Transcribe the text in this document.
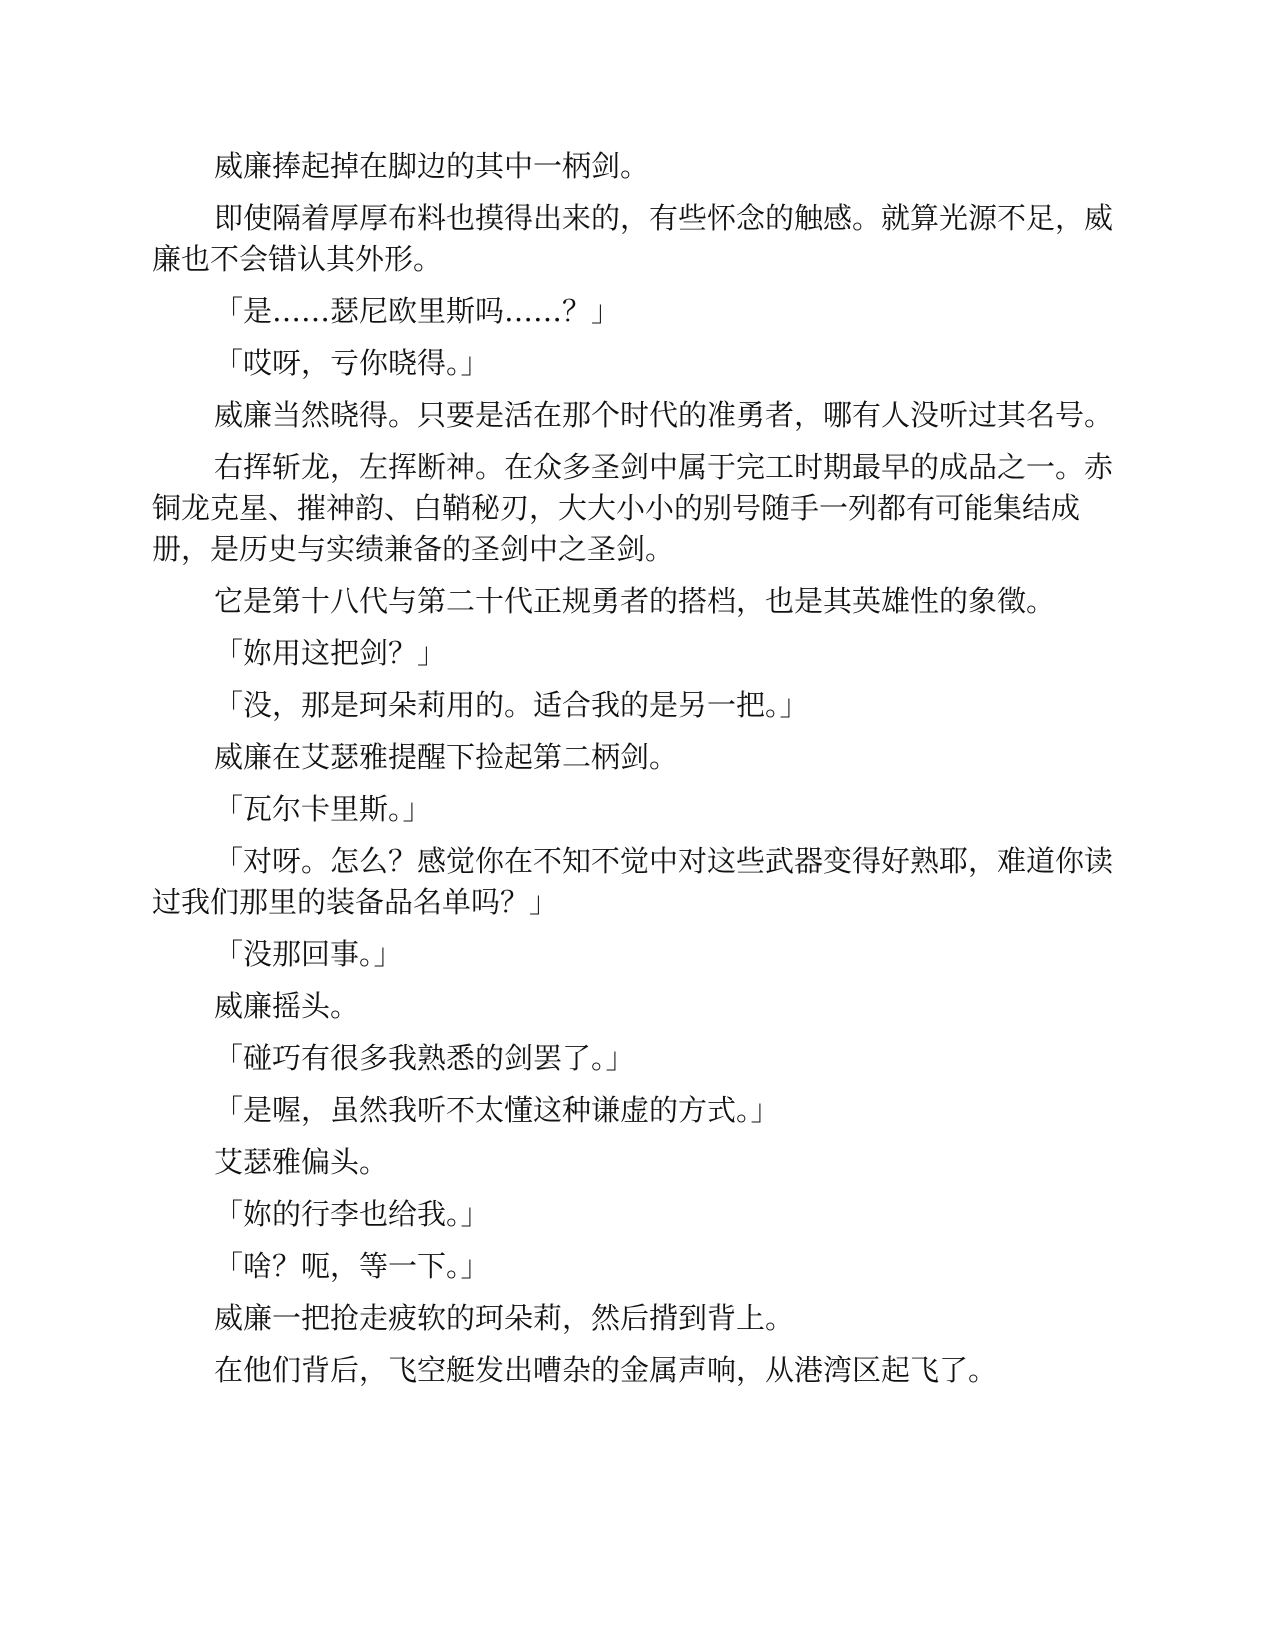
威廉捧起掉在脚边的其中一柄剑。

即使隔着厚厚布料也摸得出来的，有些怀念的触感。就算光源不足，威廉也不会错认其外形。

「是……瑟尼欧里斯吗……？」

「哎呀，亏你晓得。」

威廉当然晓得。只要是活在那个时代的准勇者，哪有人没听过其名号。

右挥斩龙，左挥断神。在众多圣剑中属于完工时期最早的成品之一。赤铜龙克星、摧神韵、白鞘秘刃，大大小小的别号随手一列都有可能集结成册，是历史与实绩兼备的圣剑中之圣剑。

它是第十八代与第二十代正规勇者的搭档，也是其英雄性的象徵。

「妳用这把剑？」

「没，那是珂朵莉用的。适合我的是另一把。」

威廉在艾瑟雅提醒下捡起第二柄剑。

「瓦尔卡里斯。」

「对呀。怎么？感觉你在不知不觉中对这些武器变得好熟耶，难道你读过我们那里的装备品名单吗？」

「没那回事。」

威廉摇头。

「碰巧有很多我熟悉的剑罢了。」

「是喔，虽然我听不太懂这种谦虚的方式。」

艾瑟雅偏头。

「妳的行李也给我。」

「啥？呃，等一下。」

威廉一把抢走疲软的珂朵莉，然后揹到背上。

在他们背后，飞空艇发出嘈杂的金属声响，从港湾区起飞了。
